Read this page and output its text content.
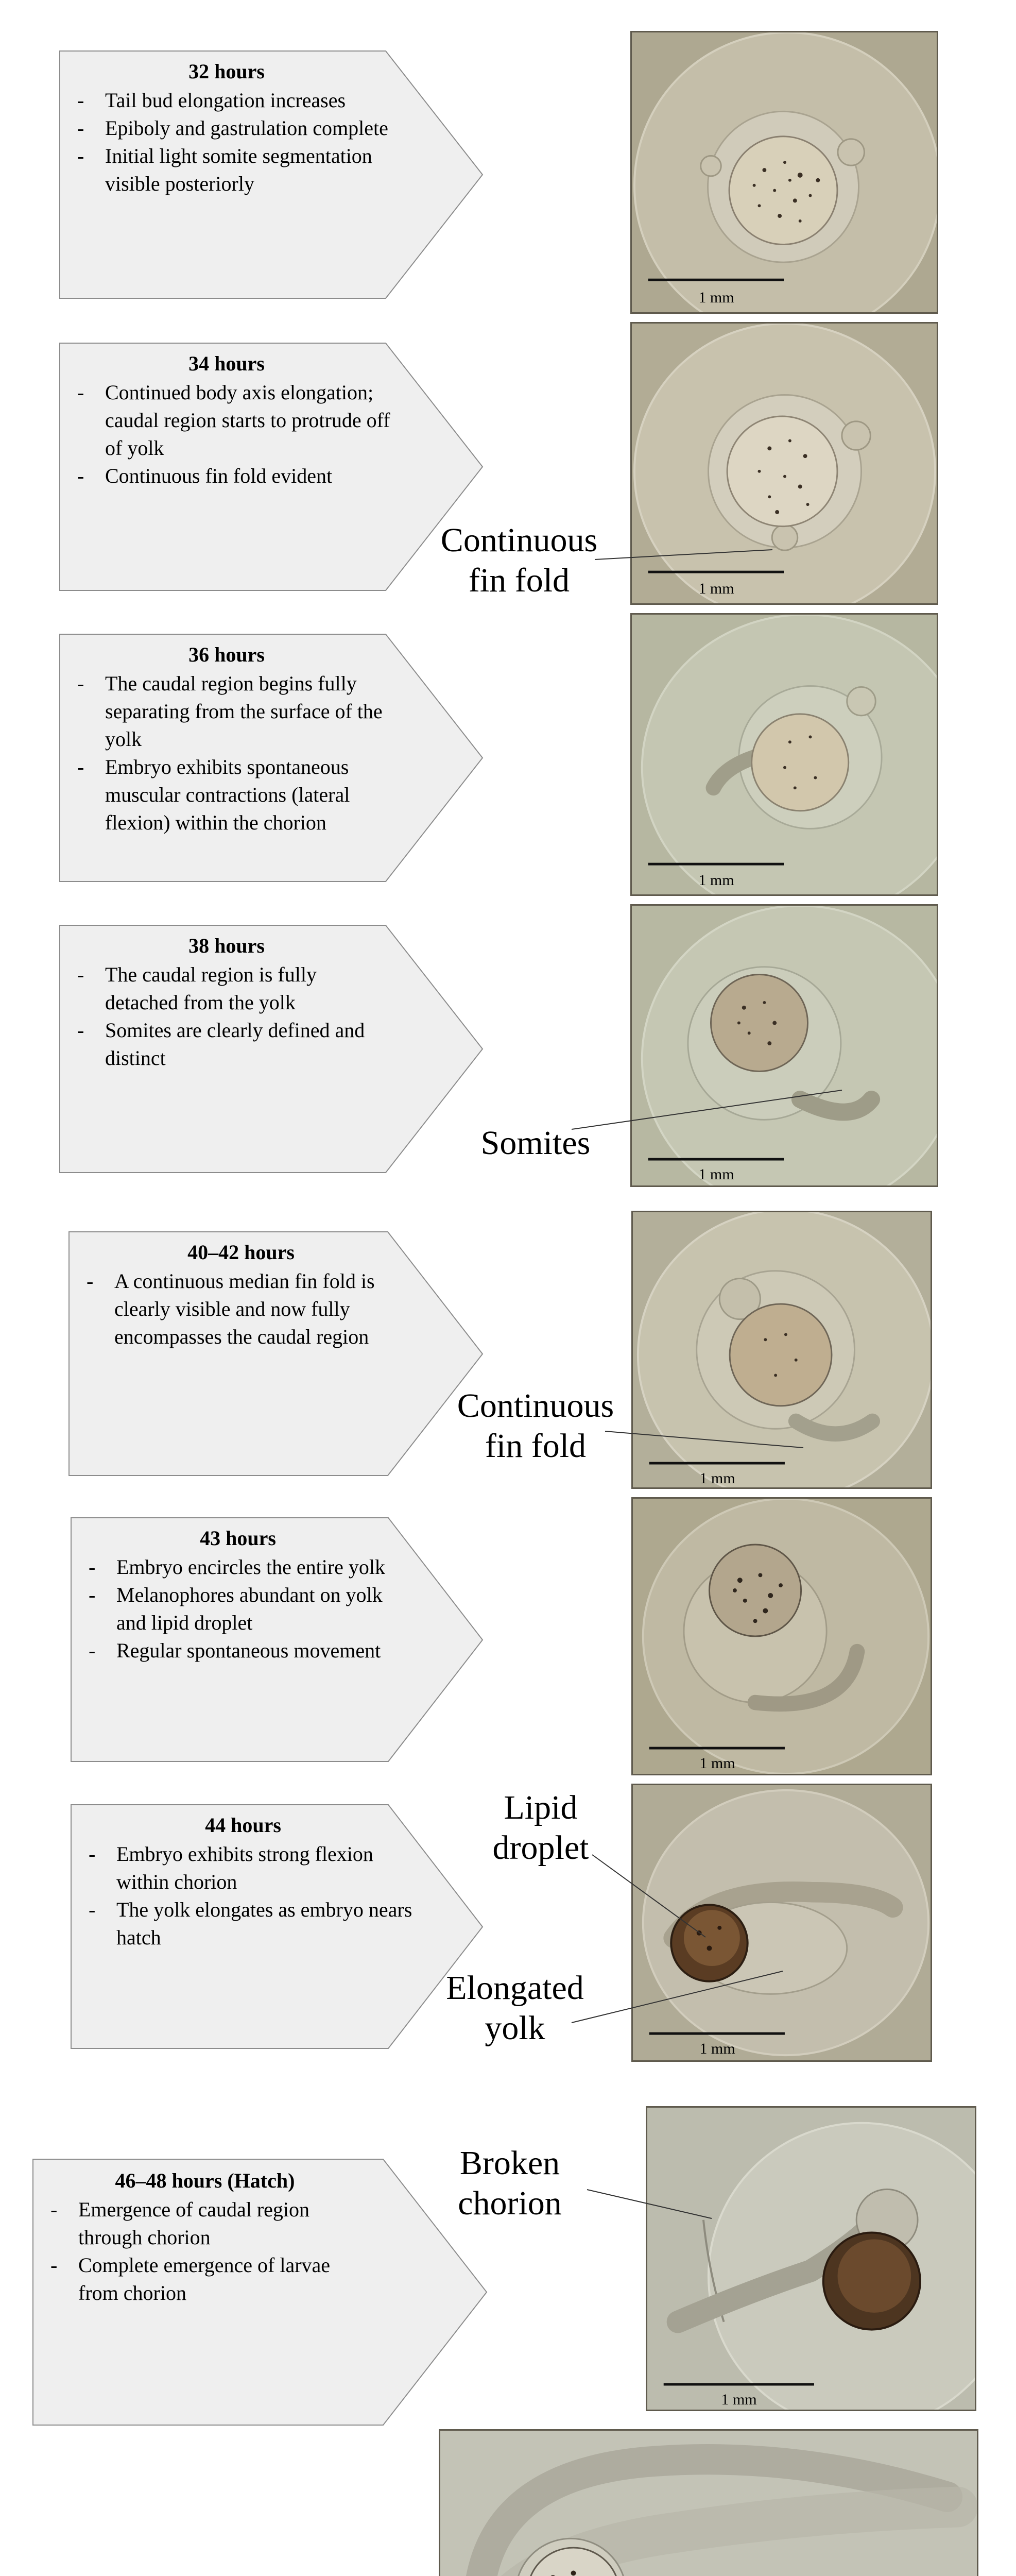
32 hours
- Tail bud elongation increases
- Epiboly and gastrulation complete
- Initial light somite segmentation visible posteriorly
1 mm
34 hours
- Continued body axis elongation; caudal region starts to protrude off of yolk
- Continuous fin fold evident
1 mm
Continuous
fin fold
36 hours
- The caudal region begins fully separating from the surface of the yolk
- Embryo exhibits spontaneous muscular contractions (lateral flexion) within the chorion
1 mm
38 hours
- The caudal region is fully detached from the yolk
- Somites are clearly defined and distinct
1 mm
Somites
40–42 hours
- A continuous median fin fold is clearly visible and now fully encompasses the caudal region
1 mm
Continuous
fin fold
43 hours
- Embryo encircles the entire yolk
- Melanophores abundant on yolk and lipid droplet
- Regular spontaneous movement
1 mm
44 hours
- Embryo exhibits strong flexion within chorion
- The yolk elongates as embryo nears hatch
1 mm
Lipid
droplet
Elongated
yolk
46–48 hours (Hatch)
- Emergence of caudal region through chorion
- Complete emergence of larvae from chorion
1 mm
Broken
chorion
